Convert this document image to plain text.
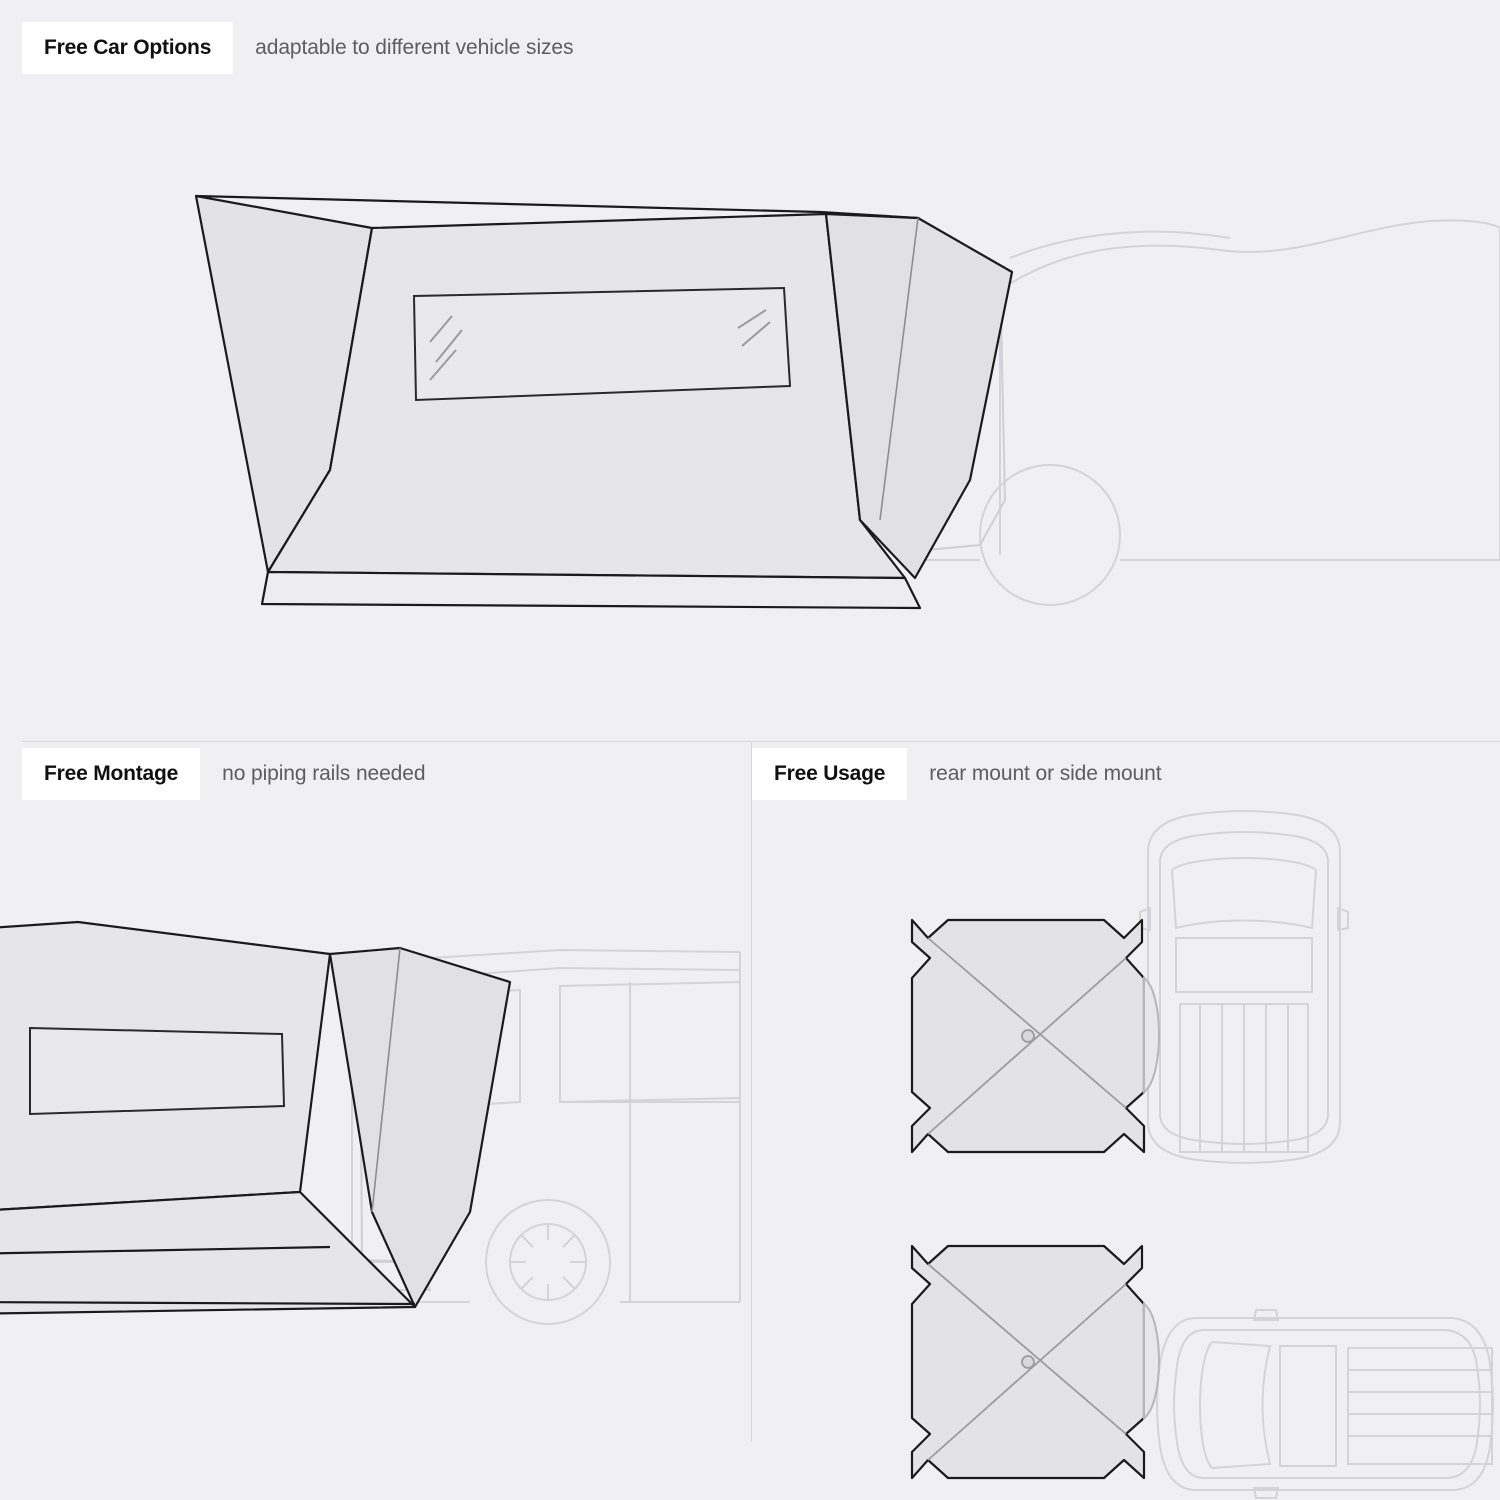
Free Car Options	adaptable to different vehicle sizes
Free Montage	no piping rails needed	Free Usage	rear mount or side mount
